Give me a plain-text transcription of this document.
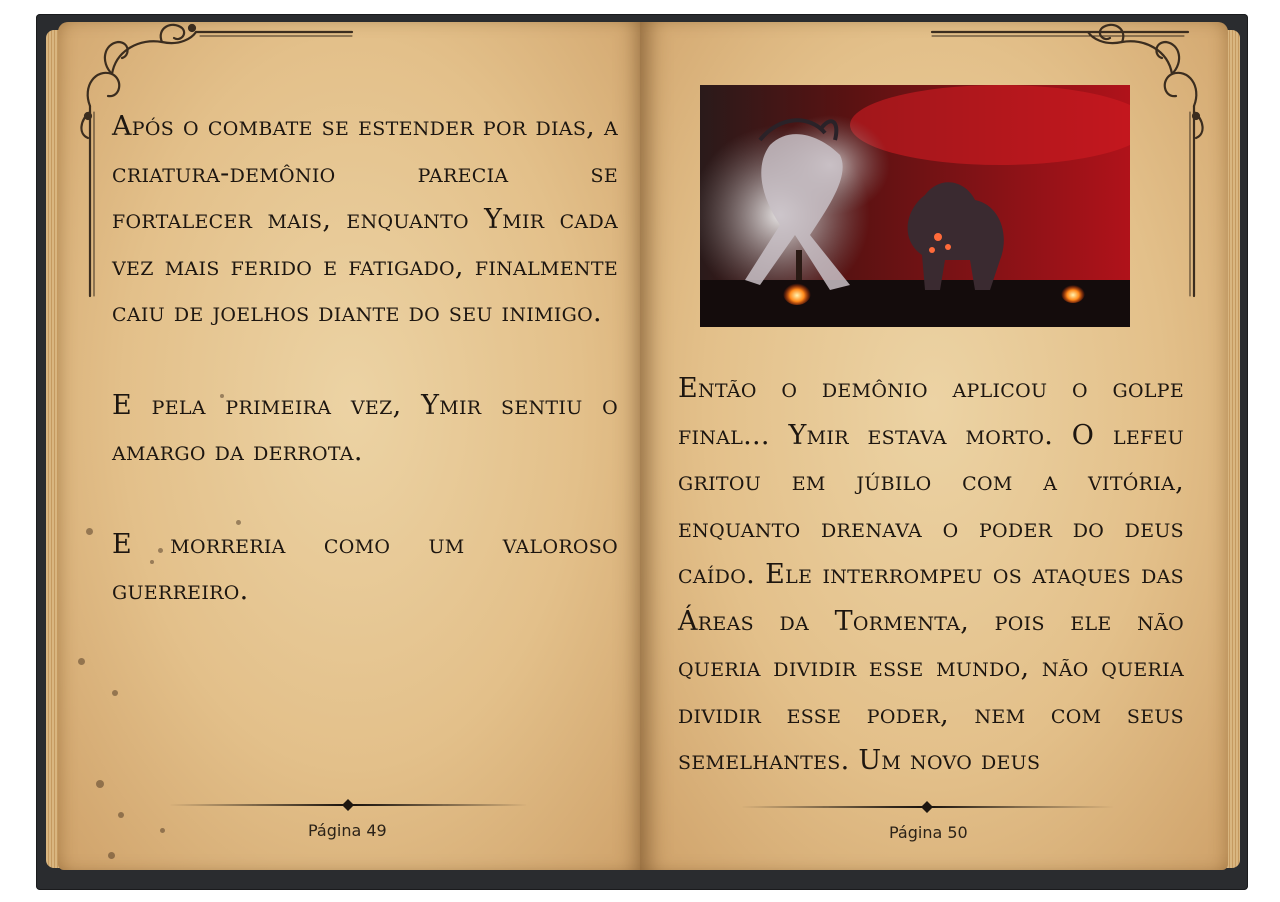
Após o combate se estender por dias, a criatura-demônio parecia se fortalecer mais, enquanto Ymir cada vez mais ferido e fatigado, finalmente caiu de joelhos diante do seu inimigo.
E pela primeira vez, Ymir sentiu o amargo da derrota.
E morreria como um valoroso guerreiro.
Então o demônio aplicou o golpe final... Ymir estava morto. O lefeu gritou em júbilo com a vitória, enquanto drenava o poder do deus caído. Ele interrompeu os ataques das Áreas da Tormenta, pois ele não queria dividir esse mundo, não queria dividir esse poder, nem com seus semelhantes. Um novo deus
Página 49	Página 50
